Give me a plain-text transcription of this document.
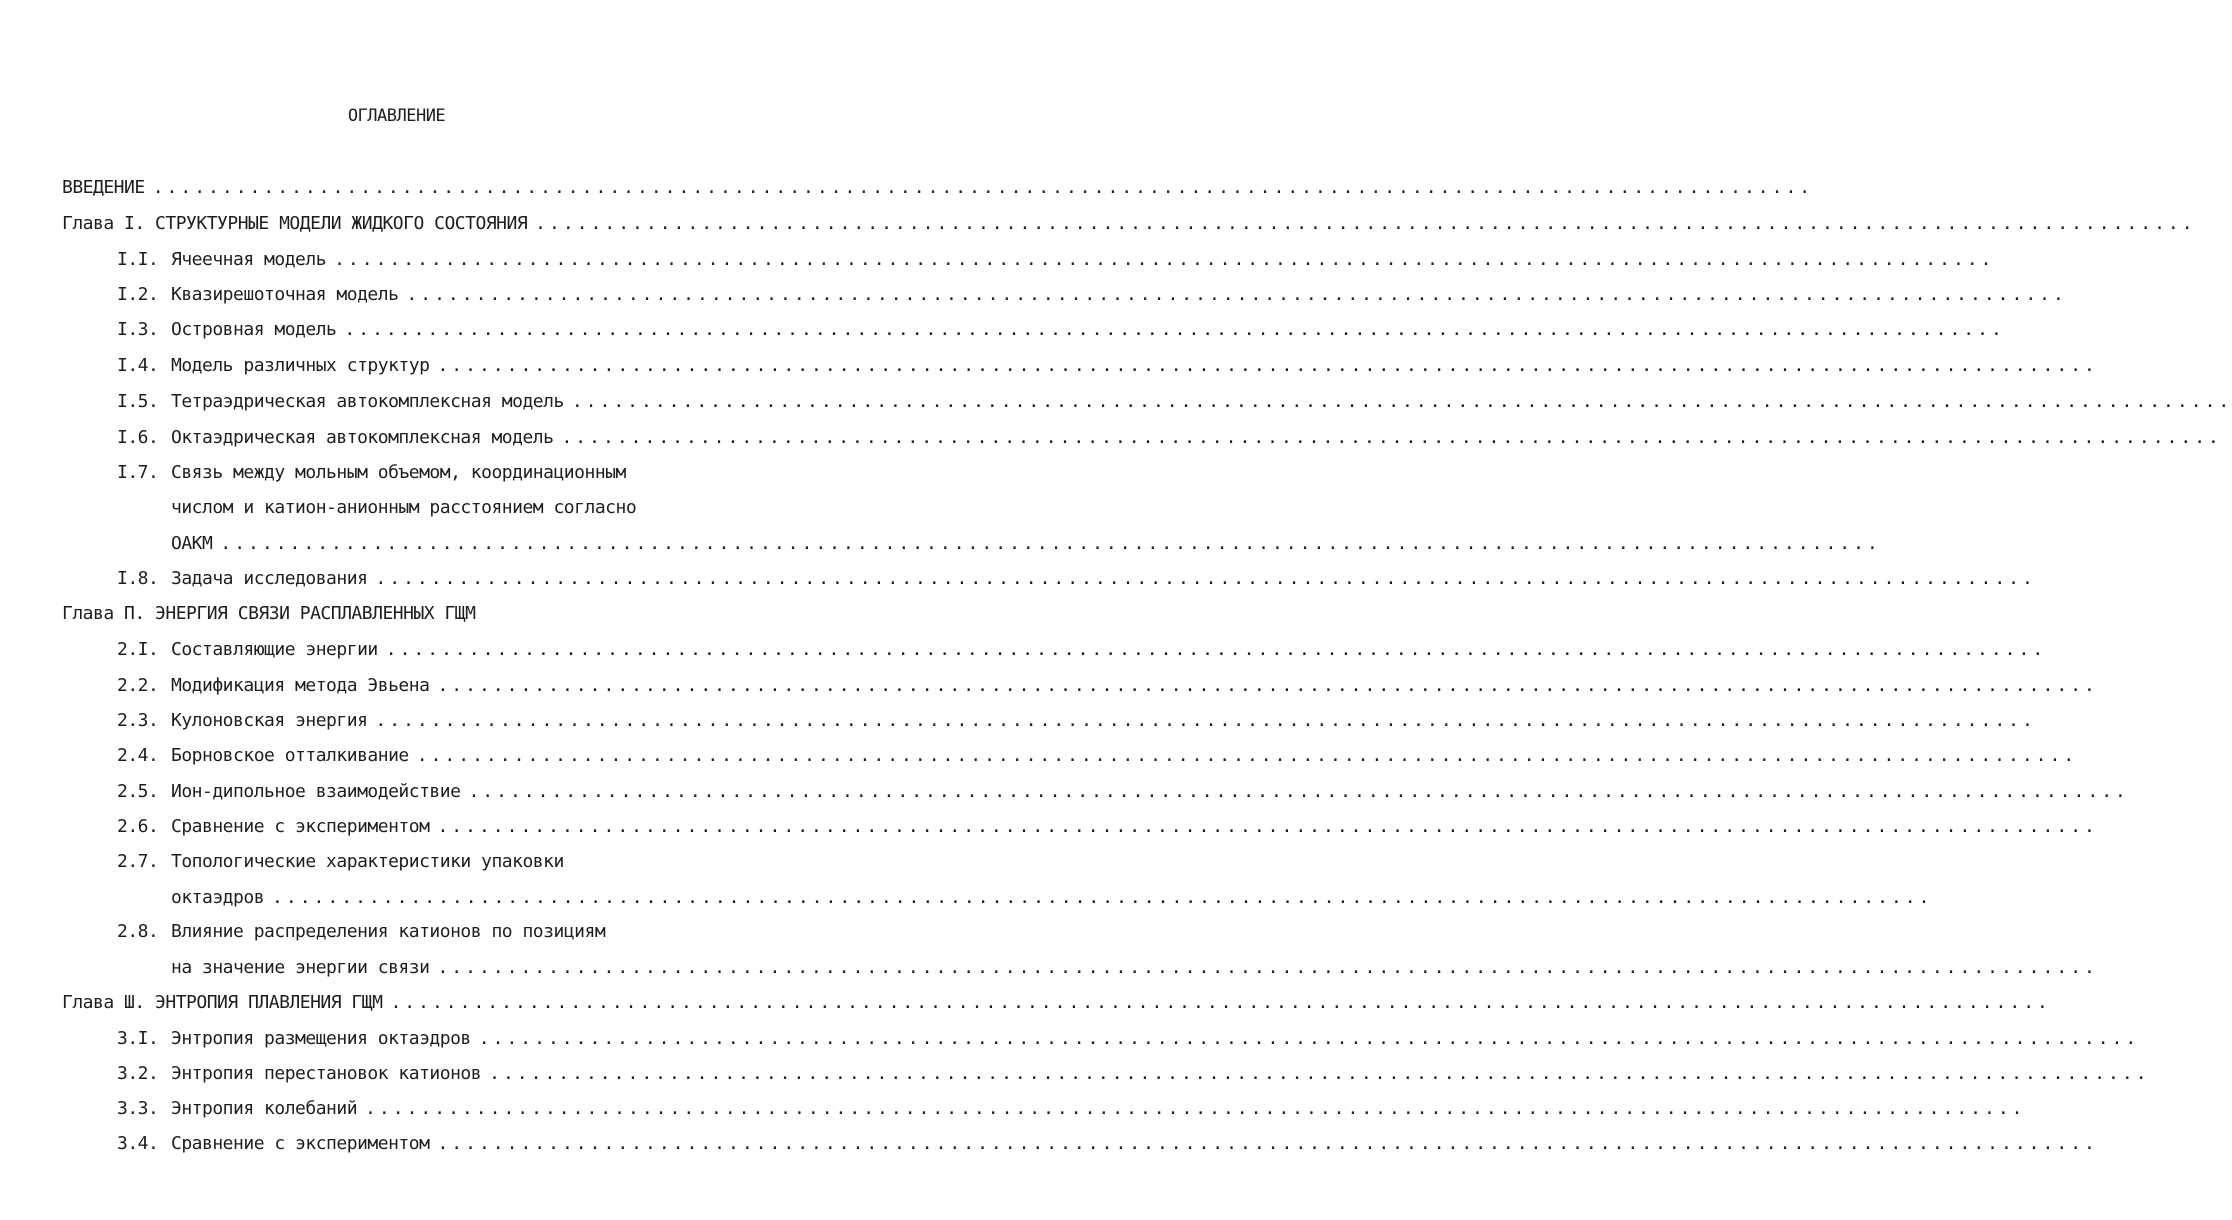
ОГЛАВЛЕНИЕ
ВВЕДЕНИЕ ........................................................................................................................
Глава I. СТРУКТУРНЫЕ МОДЕЛИ ЖИДКОГО СОСТОЯНИЯ ........................................................................................................................
I.I. Ячеечная модель ........................................................................................................................
I.2. Квазирешоточная модель ........................................................................................................................
I.3. Островная модель ........................................................................................................................
I.4. Модель различных структур ........................................................................................................................
I.5. Тетраэдрическая автокомплексная модель ........................................................................................................................
I.6. Октаэдрическая автокомплексная модель ........................................................................................................................
I.7. Связь между мольным объемом, координационным
числом и катион-анионным расстоянием согласно
ОАКМ ........................................................................................................................
I.8. Задача исследования ........................................................................................................................
Глава П. ЭНЕРГИЯ СВЯЗИ РАСПЛАВЛЕННЫХ ГЩМ
2.I. Составляющие энергии ........................................................................................................................
2.2. Модификация метода Эвьена ........................................................................................................................
2.3. Кулоновская энергия ........................................................................................................................
2.4. Борновское отталкивание ........................................................................................................................
2.5. Ион-дипольное взаимодействие ........................................................................................................................
2.6. Сравнение с экспериментом ........................................................................................................................
2.7. Топологические характеристики упаковки
октаэдров ........................................................................................................................
2.8. Влияние распределения катионов по позициям
на значение энергии связи ........................................................................................................................
Глава Ш. ЭНТРОПИЯ ПЛАВЛЕНИЯ ГЩМ ........................................................................................................................
3.I. Энтропия размещения октаэдров ........................................................................................................................
3.2. Энтропия перестановок катионов ........................................................................................................................
3.3. Энтропия колебаний ........................................................................................................................
3.4. Сравнение с экспериментом ........................................................................................................................
